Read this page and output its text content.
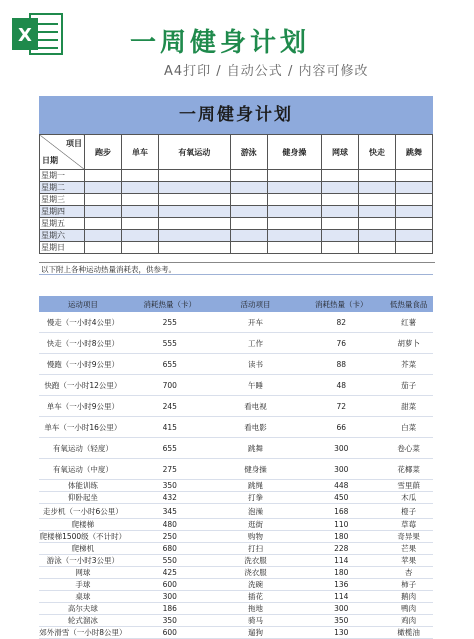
X	一周健身计划
A4打印 / 自动公式 / 内容可修改
一周健身计划
日期
项目	跑步	单车	有氧运动	游泳	健身操	网球	快走	跳舞
星期一								
星期二								
星期三								
星期四								
星期五								
星期六								
星期日								
以下附上各种运动热量消耗表，供参考。
运动项目	消耗热量（卡）	活动项目	消耗热量（卡）	低热量食品
慢走（一小时4公里）	255	开车	82	红薯
快走（一小时8公里）	555	工作	76	胡萝卜
慢跑（一小时9公里）	655	读书	88	芥菜
快跑（一小时12公里）	700	午睡	48	茄子
单车（一小时9公里）	245	看电视	72	甜菜
单车（一小时16公里）	415	看电影	66	白菜
有氧运动（轻度）	655	跳舞	300	卷心菜
有氧运动（中度）	275	健身操	300	花椰菜
体能训练	350	跳绳	448	雪里蕻
仰卧起坐	432	打拳	450	木瓜
走步机（一小时6公里）	345	泡澡	168	橙子
爬楼梯	480	逛街	110	草莓
爬楼梯1500级（不计时）	250	购物	180	奇异果
爬梯机	680	打扫	228	芒果
游泳（一小时3公里）	550	洗衣服	114	苹果
网球	425	浇衣服	180	杏
手球	600	洗碗	136	柿子
桌球	300	插花	114	鹅肉
高尔夫球	186	拖地	300	鸭肉
轮式溜冰	350	骑马	350	鸡肉
郊外滑雪（一小时8公里）	600	遛狗	130	橄榄油
